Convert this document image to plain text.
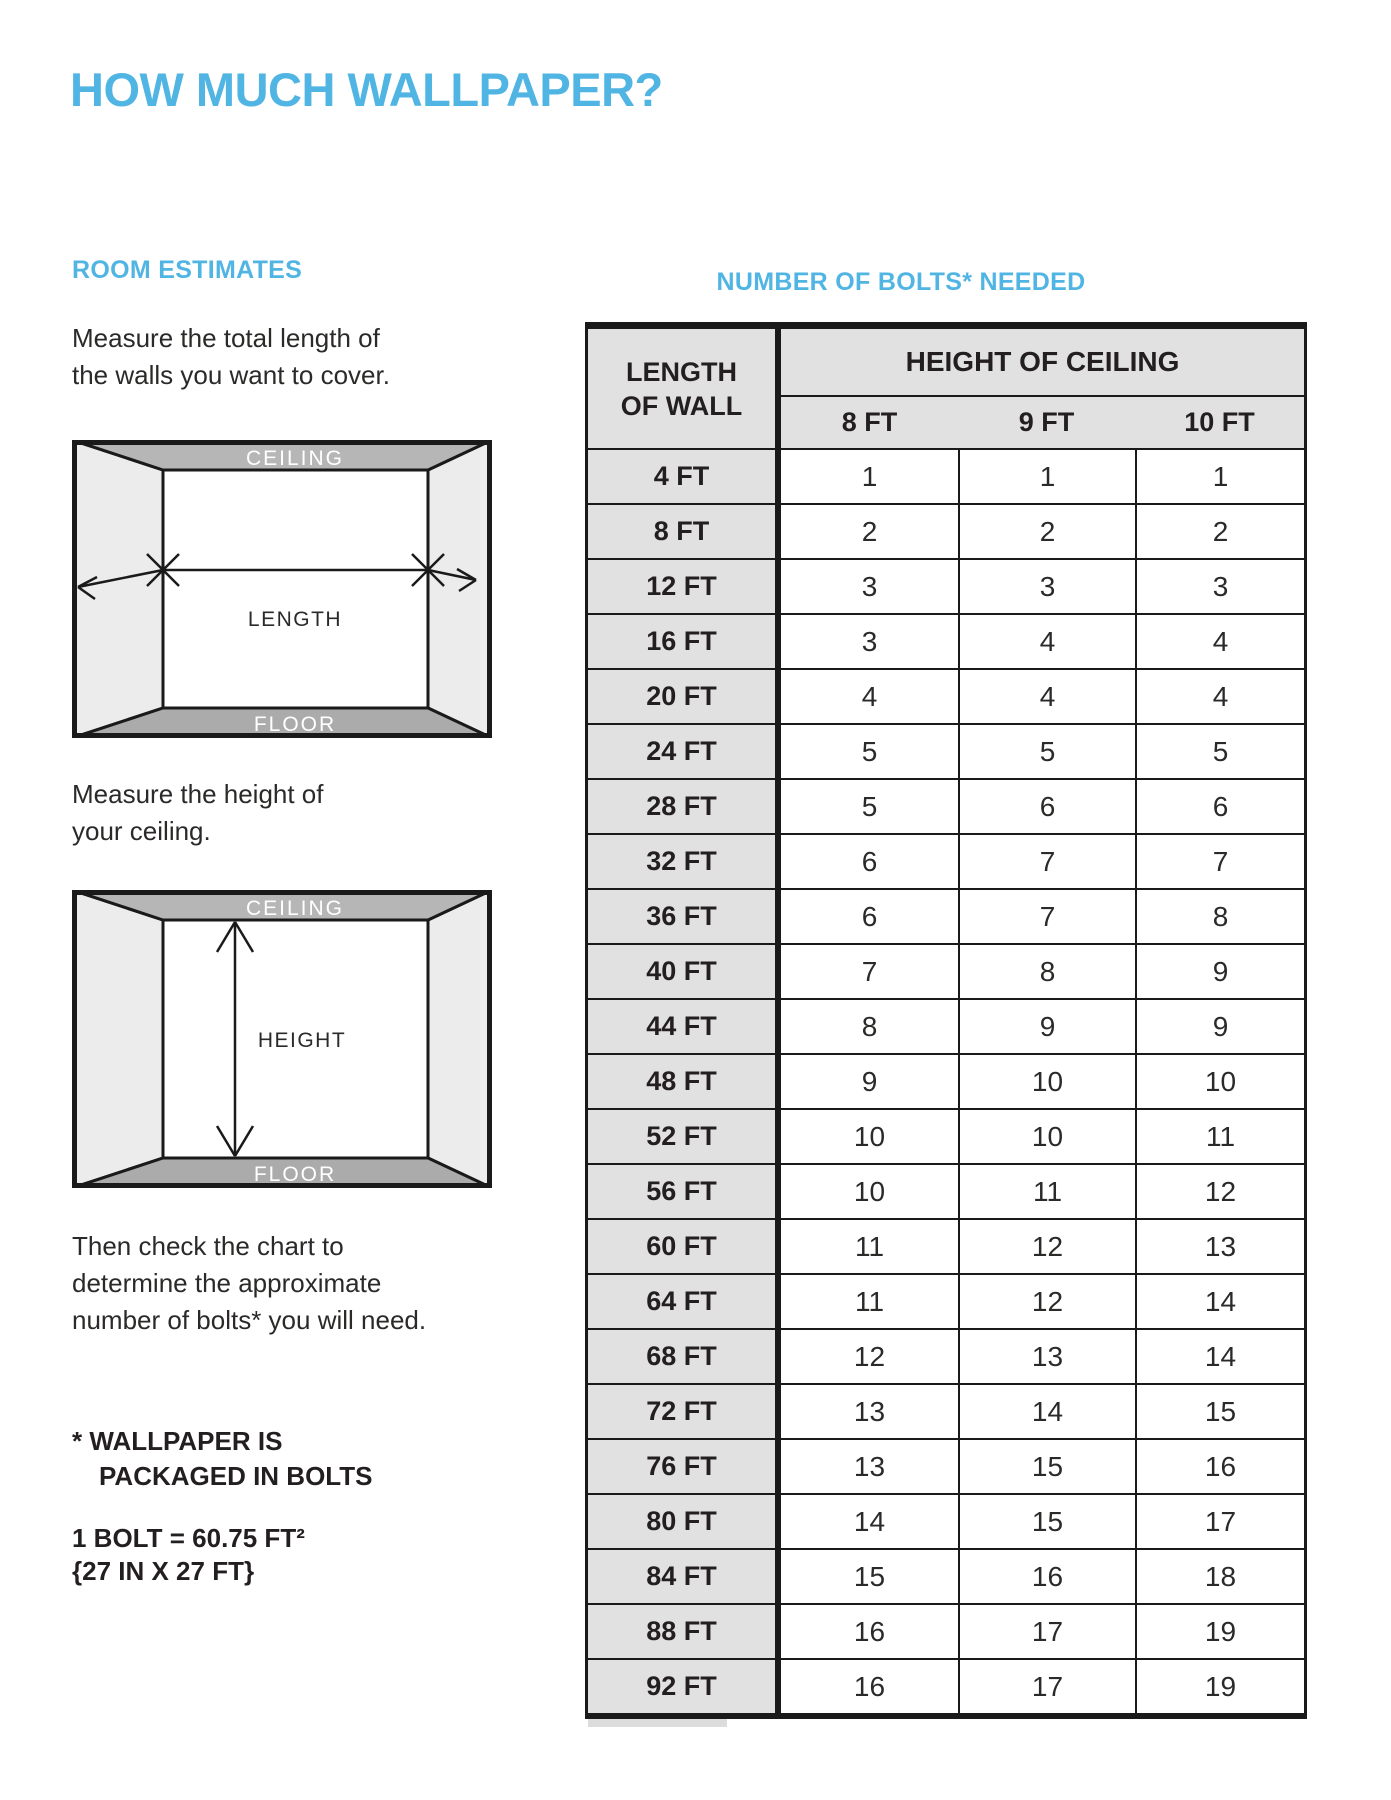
HOW MUCH WALLPAPER?
ROOM ESTIMATES

Measure the total length of
the walls you want to cover.

CEILING
FLOOR
LENGTH

Measure the height of
your ceiling.

CEILING
FLOOR
HEIGHT

Then check the chart to
determine the approximate
number of bolts* you will need.

* WALLPAPER IS
PACKAGED IN BOLTS

1 BOLT = 60.75 FT²
{27 IN X 27 FT}

NUMBER OF BOLTS* NEEDED
LENGTH
OF WALL
HEIGHT OF CEILING
8 FT	9 FT	10 FT
4 FT	1	1	1
8 FT	2	2	2
12 FT	3	3	3
16 FT	3	4	4
20 FT	4	4	4
24 FT	5	5	5
28 FT	5	6	6
32 FT	6	7	7
36 FT	6	7	8
40 FT	7	8	9
44 FT	8	9	9
48 FT	9	10	10
52 FT	10	10	11
56 FT	10	11	12
60 FT	11	12	13
64 FT	11	12	14
68 FT	12	13	14
72 FT	13	14	15
76 FT	13	15	16
80 FT	14	15	17
84 FT	15	16	18
88 FT	16	17	19
92 FT	16	17	19
